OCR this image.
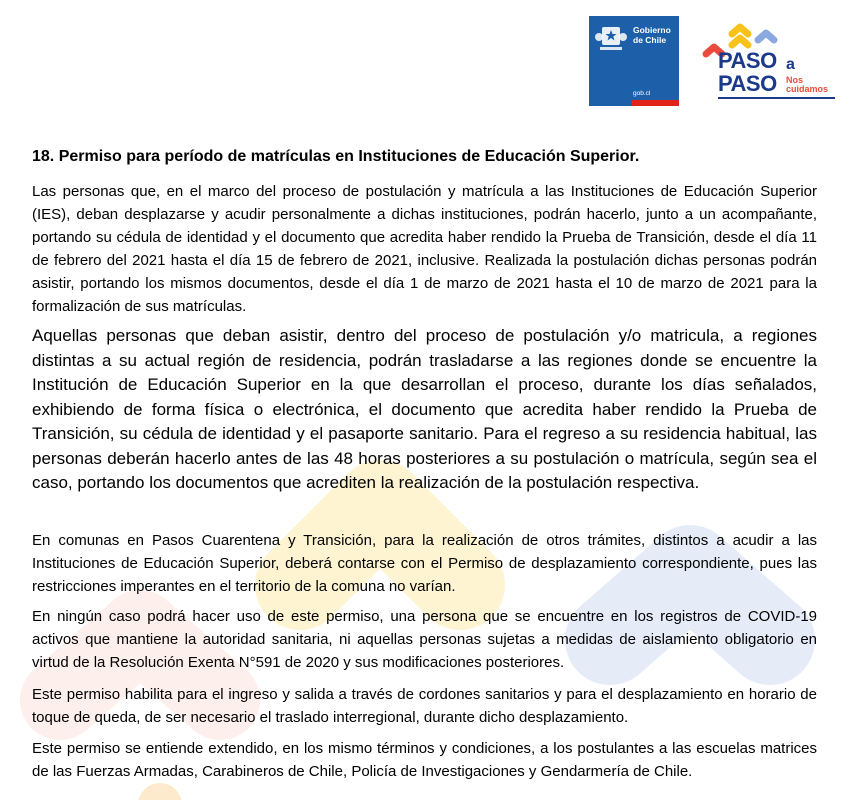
Gobierno de Chile
gob.cl
PASO a
PASO Nos cuidamos
18. Permiso para período de matrículas en Instituciones de Educación Superior.

Las personas que, en el marco del proceso de postulación y matrícula a las Instituciones de Educación Superior (IES), deban desplazarse y acudir personalmente a dichas instituciones, podrán hacerlo, junto a un acompañante, portando su cédula de identidad y el documento que acredita haber rendido la Prueba de Transición, desde el día 11 de febrero del 2021 hasta el día 15 de febrero de 2021, inclusive. Realizada la postulación dichas personas podrán asistir, portando los mismos documentos, desde el día 1 de marzo de 2021 hasta el 10 de marzo de 2021 para la formalización de sus matrículas.

Aquellas personas que deban asistir, dentro del proceso de postulación y/o matricula, a regiones distintas a su actual región de residencia, podrán trasladarse a las regiones donde se encuentre la Institución de Educación Superior en la que desarrollan el proceso, durante los días señalados, exhibiendo de forma física o electrónica, el documento que acredita haber rendido la Prueba de Transición, su cédula de identidad y el pasaporte sanitario. Para el regreso a su residencia habitual, las personas deberán hacerlo antes de las 48 horas posteriores a su postulación o matrícula, según sea el caso, portando los documentos que acrediten la realización de la postulación respectiva.

En comunas en Pasos Cuarentena y Transición, para la realización de otros trámites, distintos a acudir a las Instituciones de Educación Superior, deberá contarse con el Permiso de desplazamiento correspondiente, pues las restricciones imperantes en el territorio de la comuna no varían.

En ningún caso podrá hacer uso de este permiso, una persona que se encuentre en los registros de COVID-19 activos que mantiene la autoridad sanitaria, ni aquellas personas sujetas a medidas de aislamiento obligatorio en virtud de la Resolución Exenta N°591 de 2020 y sus modificaciones posteriores.

Este permiso habilita para el ingreso y salida a través de cordones sanitarios y para el desplazamiento en horario de toque de queda, de ser necesario el traslado interregional, durante dicho desplazamiento.

Este permiso se entiende extendido, en los mismo términos y condiciones, a los postulantes a las escuelas matrices de las Fuerzas Armadas, Carabineros de Chile, Policía de Investigaciones y Gendarmería de Chile.
